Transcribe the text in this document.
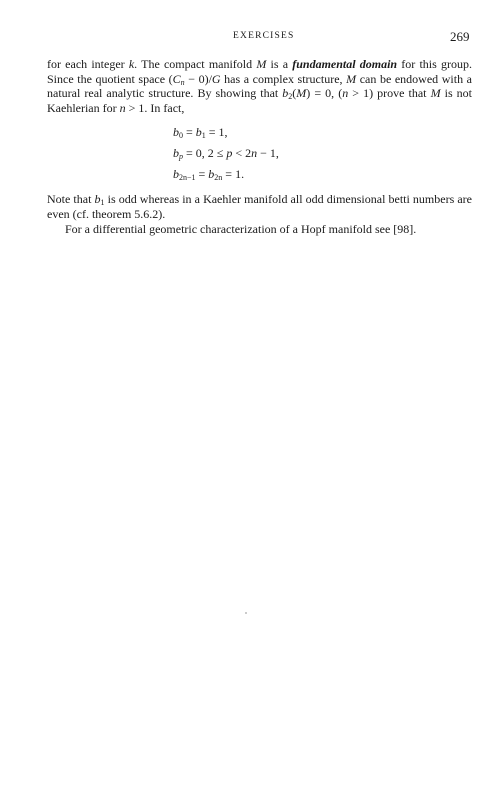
EXERCISES	269

for each integer k. The compact manifold M is a fundamental domain for this group. Since the quotient space $(C_n - 0)/G$ has a complex structure, M can be endowed with a natural real analytic structure. By showing that $b_2(M) = 0$, (n > 1) prove that M is not Kaehlerian for n > 1. In fact,

$b_0 = b_1 = 1$,
$b_p = 0$, 2 ≤ p < 2n − 1,
$b_{2n-1} = b_{2n} = 1$.

Note that $b_1$ is odd whereas in a Kaehler manifold all odd dimensional betti numbers are even (cf. theorem 5.6.2).

For a differential geometric characterization of a Hopf manifold see [98].
